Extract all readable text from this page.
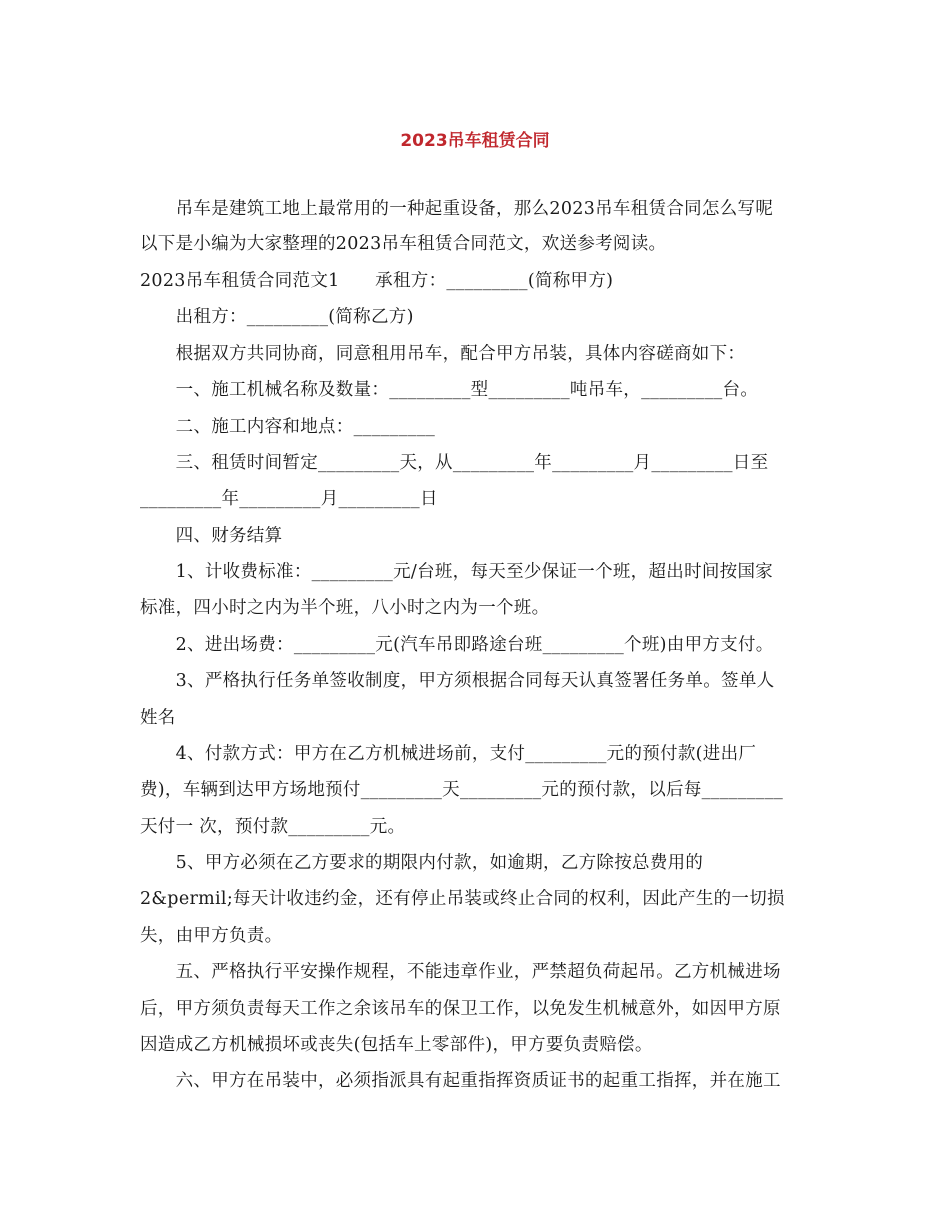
2023吊车租赁合同
　　吊车是建筑工地上最常用的一种起重设备，那么2023吊车租赁合同怎么写呢
以下是小编为大家整理的2023吊车租赁合同范文，欢送参考阅读。
2023吊车租赁合同范文1　　承租方：_________(简称甲方)
　　出租方：_________(简称乙方)
　　根据双方共同协商，同意租用吊车，配合甲方吊装，具体内容磋商如下：
　　一、施工机械名称及数量：_________型_________吨吊车，_________台。
　　二、施工内容和地点：_________
　　三、租赁时间暂定_________天，从_________年_________月_________日至
_________年_________月_________日
　　四、财务结算
　　1、计收费标准：_________元/台班，每天至少保证一个班，超出时间按国家
标准，四小时之内为半个班，八小时之内为一个班。
　　2、进出场费：_________元(汽车吊即路途台班_________个班)由甲方支付。
　　3、严格执行任务单签收制度，甲方须根据合同每天认真签署任务单。签单人
姓名
　　4、付款方式：甲方在乙方机械进场前，支付_________元的预付款(进出厂
费)，车辆到达甲方场地预付_________天_________元的预付款，以后每_________
天付一 次，预付款_________元。
　　5、甲方必须在乙方要求的期限内付款，如逾期，乙方除按总费用的
2&permil;每天计收违约金，还有停止吊装或终止合同的权利，因此产生的一切损
失，由甲方负责。
　　五、严格执行平安操作规程，不能违章作业，严禁超负荷起吊。乙方机械进场
后，甲方须负责每天工作之余该吊车的保卫工作，以免发生机械意外，如因甲方原
因造成乙方机械损坏或丧失(包括车上零部件)，甲方要负责赔偿。
　　六、甲方在吊装中，必须指派具有起重指挥资质证书的起重工指挥，并在施工
